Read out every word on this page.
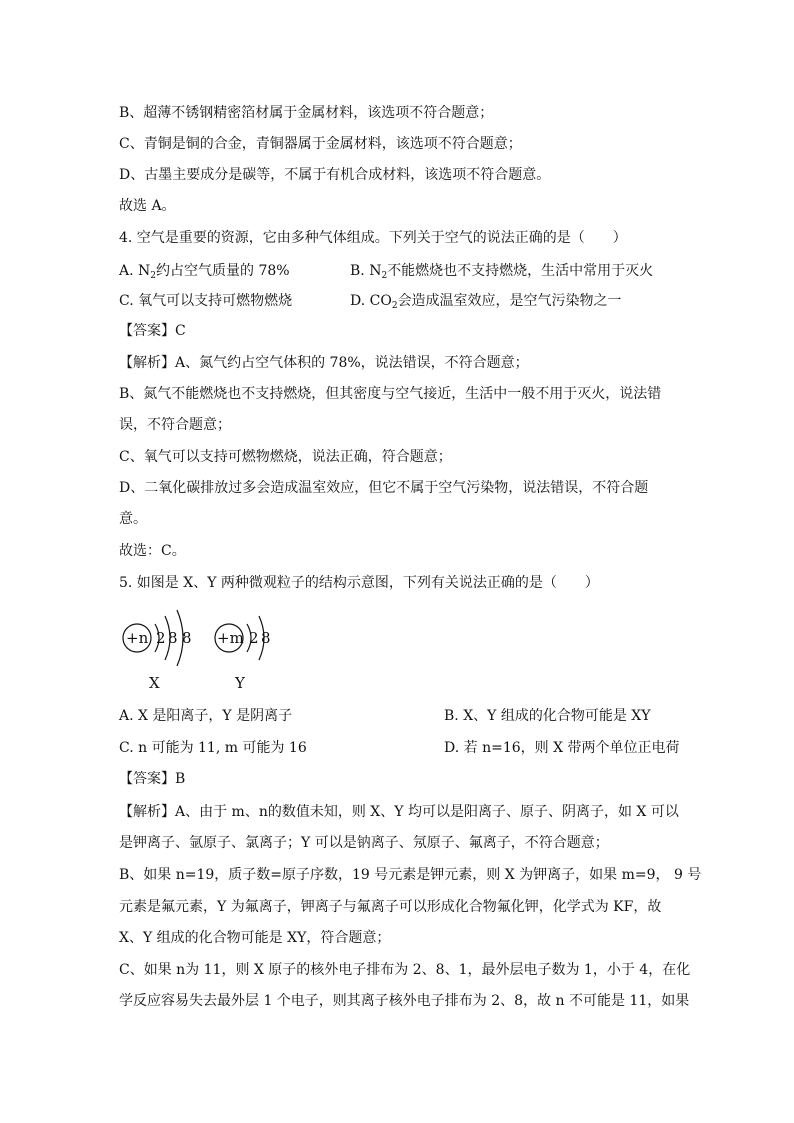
B、超薄不锈钢精密箔材属于金属材料，该选项不符合题意；
C、青铜是铜的合金，青铜器属于金属材料，该选项不符合题意；
D、古墨主要成分是碳等，不属于有机合成材料，该选项不符合题意。
故选 A。
4. 空气是重要的资源，它由多种气体组成。下列关于空气的说法正确的是（　　）
A. $N_2$约占空气质量的 78%	B. $N_2$不能燃烧也不支持燃烧，生活中常用于灭火
C. 氧气可以支持可燃物燃烧	D. $CO_2$会造成温室效应，是空气污染物之一
【答案】C
【解析】A、氮气约占空气体积的 78%，说法错误，不符合题意；
B、氮气不能燃烧也不支持燃烧，但其密度与空气接近，生活中一般不用于灭火，说法错
误，不符合题意；
C、氧气可以支持可燃物燃烧，说法正确，符合题意；
D、二氧化碳排放过多会造成温室效应，但它不属于空气污染物，说法错误，不符合题
意。
故选：C。
5. 如图是 X、Y 两种微观粒子的结构示意图，下列有关说法正确的是（　　）
+n 2 8 8 +m 2 8
X	Y
A. X 是阳离子，Y 是阴离子	B. X、Y 组成的化合物可能是 XY
C. n 可能为 11, m 可能为 16	D. 若 n=16，则 X 带两个单位正电荷
【答案】B
【解析】A、由于 m、n的数值未知，则 X、Y 均可以是阳离子、原子、阴离子，如 X 可以
是钾离子、氩原子、氯离子；Y 可以是钠离子、氖原子、氟离子，不符合题意；
B、如果 n=19，质子数=原子序数，19 号元素是钾元素，则 X 为钾离子，如果 m=9， 9 号
元素是氟元素，Y 为氟离子，钾离子与氟离子可以形成化合物氟化钾，化学式为 KF，故
X、Y 组成的化合物可能是 XY，符合题意；
C、如果 n为 11，则 X 原子的核外电子排布为 2、8、1，最外层电子数为 1，小于 4，在化
学反应容易失去最外层 1 个电子，则其离子核外电子排布为 2、8，故 n 不可能是 11，如果
